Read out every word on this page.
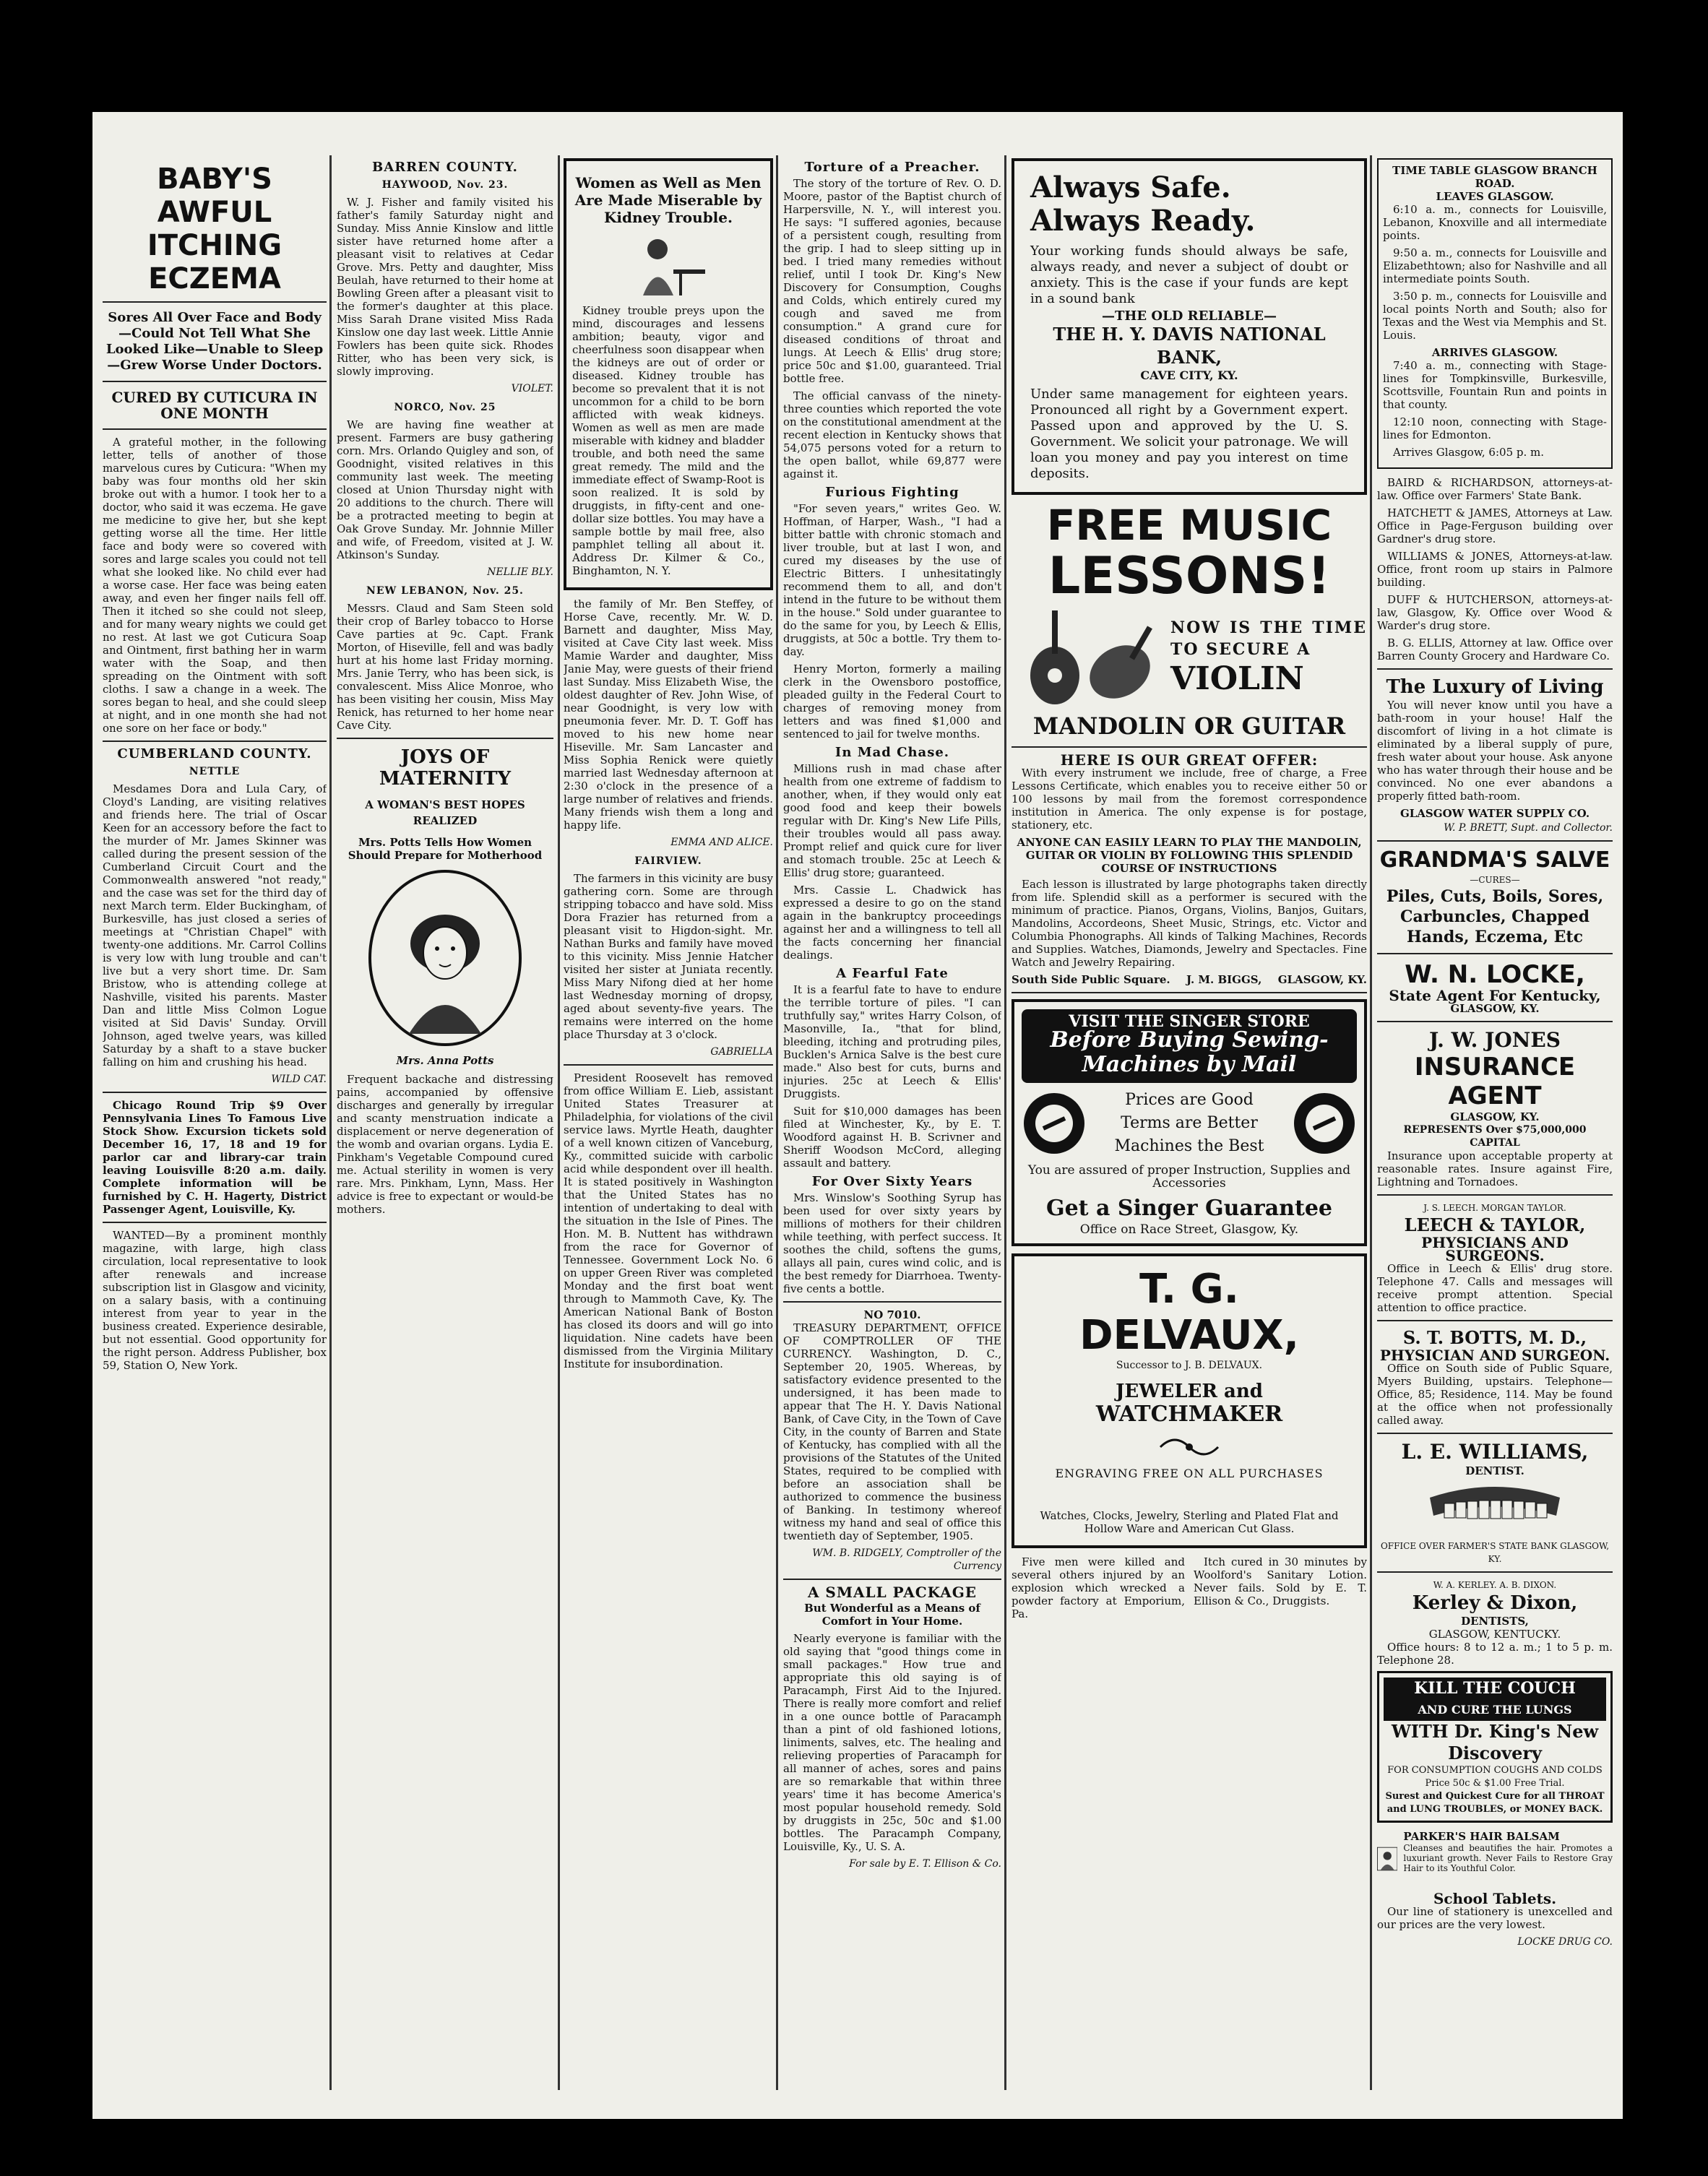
BABY'S AWFUL ITCHING ECZEMA
Sores All Over Face and Body—Could Not Tell What She Looked Like—Unable to Sleep—Grew Worse Under Doctors.
CURED BY CUTICURA IN ONE MONTH

A grateful mother, in the following letter, tells of another of those marvelous cures by Cuticura: "When my baby was four months old her skin broke out with a humor. I took her to a doctor, who said it was eczema. He gave me medicine to give her, but she kept getting worse all the time. Her little face and body were so covered with sores and large scales you could not tell what she looked like. No child ever had a worse case. Her face was being eaten away, and even her finger nails fell off. Then it itched so she could not sleep, and for many weary nights we could get no rest. At last we got Cuticura Soap and Ointment, first bathing her in warm water with the Soap, and then spreading on the Ointment with soft cloths. I saw a change in a week. The sores began to heal, and she could sleep at night, and in one month she had not one sore on her face or body."

CUMBERLAND COUNTY.
NETTLE

Mesdames Dora and Lula Cary, of Cloyd's Landing, are visiting relatives and friends here. The trial of Oscar Keen for an accessory before the fact to the murder of Mr. James Skinner was called during the present session of the Cumberland Circuit Court and the Commonwealth answered "not ready," and the case was set for the third day of next March term. Elder Buckingham, of Burkesville, has just closed a series of meetings at "Christian Chapel" with twenty-one additions. Mr. Carrol Collins is very low with lung trouble and can't live but a very short time. Dr. Sam Bristow, who is attending college at Nashville, visited his parents. Master Dan and little Miss Colmon Logue visited at Sid Davis' Sunday. Orvill Johnson, aged twelve years, was killed Saturday by a shaft to a stave bucker falling on him and crushing his head.

WILD CAT.

Chicago Round Trip $9 Over Pennsylvania Lines To Famous Live Stock Show. Excursion tickets sold December 16, 17, 18 and 19 for parlor car and library-car train leaving Louisville 8:20 a.m. daily. Complete information will be furnished by C. H. Hagerty, District Passenger Agent, Louisville, Ky.

WANTED—By a prominent monthly magazine, with large, high class circulation, local representative to look after renewals and increase subscription list in Glasgow and vicinity, on a salary basis, with a continuing interest from year to year in the business created. Experience desirable, but not essential. Good opportunity for the right person. Address Publisher, box 59, Station O, New York.

BARREN COUNTY.
HAYWOOD, Nov. 23.

W. J. Fisher and family visited his father's family Saturday night and Sunday. Miss Annie Kinslow and little sister have returned home after a pleasant visit to relatives at Cedar Grove. Mrs. Petty and daughter, Miss Beulah, have returned to their home at Bowling Green after a pleasant visit to the former's daughter at this place. Miss Sarah Drane visited Miss Rada Kinslow one day last week. Little Annie Fowlers has been quite sick. Rhodes Ritter, who has been very sick, is slowly improving.

VIOLET.
NORCO, Nov. 25

We are having fine weather at present. Farmers are busy gathering corn. Mrs. Orlando Quigley and son, of Goodnight, visited relatives in this community last week. The meeting closed at Union Thursday night with 20 additions to the church. There will be a protracted meeting to begin at Oak Grove Sunday. Mr. Johnnie Miller and wife, of Freedom, visited at J. W. Atkinson's Sunday.

NELLIE BLY.
NEW LEBANON, Nov. 25.

Messrs. Claud and Sam Steen sold their crop of Barley tobacco to Horse Cave parties at 9c. Capt. Frank Morton, of Hiseville, fell and was badly hurt at his home last Friday morning. Mrs. Janie Terry, who has been sick, is convalescent. Miss Alice Monroe, who has been visiting her cousin, Miss May Renick, has returned to her home near Cave City.

JOYS OF MATERNITY
A WOMAN'S BEST HOPES REALIZED
Mrs. Potts Tells How Women Should Prepare for Motherhood
Mrs. Anna Potts

Frequent backache and distressing pains, accompanied by offensive discharges and generally by irregular and scanty menstruation indicate a displacement or nerve degeneration of the womb and ovarian organs. Lydia E. Pinkham's Vegetable Compound cured me. Actual sterility in women is very rare. Mrs. Pinkham, Lynn, Mass. Her advice is free to expectant or would-be mothers.

Women as Well as Men Are Made Miserable by Kidney Trouble.

Kidney trouble preys upon the mind, discourages and lessens ambition; beauty, vigor and cheerfulness soon disappear when the kidneys are out of order or diseased. Kidney trouble has become so prevalent that it is not uncommon for a child to be born afflicted with weak kidneys. Women as well as men are made miserable with kidney and bladder trouble, and both need the same great remedy. The mild and the immediate effect of Swamp-Root is soon realized. It is sold by druggists, in fifty-cent and one-dollar size bottles. You may have a sample bottle by mail free, also pamphlet telling all about it. Address Dr. Kilmer & Co., Binghamton, N. Y.

the family of Mr. Ben Steffey, of Horse Cave, recently. Mr. W. D. Barnett and daughter, Miss May, visited at Cave City last week. Miss Mamie Warder and daughter, Miss Janie May, were guests of their friend last Sunday. Miss Elizabeth Wise, the oldest daughter of Rev. John Wise, of near Goodnight, is very low with pneumonia fever. Mr. D. T. Goff has moved to his new home near Hiseville. Mr. Sam Lancaster and Miss Sophia Renick were quietly married last Wednesday afternoon at 2:30 o'clock in the presence of a large number of relatives and friends. Many friends wish them a long and happy life.

EMMA AND ALICE.
FAIRVIEW.

The farmers in this vicinity are busy gathering corn. Some are through stripping tobacco and have sold. Miss Dora Frazier has returned from a pleasant visit to Higdon-sight. Mr. Nathan Burks and family have moved to this vicinity. Miss Jennie Hatcher visited her sister at Juniata recently. Miss Mary Nifong died at her home last Wednesday morning of dropsy, aged about seventy-five years. The remains were interred on the home place Thursday at 3 o'clock.

GABRIELLA

President Roosevelt has removed from office William E. Lieb, assistant United States Treasurer at Philadelphia, for violations of the civil service laws. Myrtle Heath, daughter of a well known citizen of Vanceburg, Ky., committed suicide with carbolic acid while despondent over ill health. It is stated positively in Washington that the United States has no intention of undertaking to deal with the situation in the Isle of Pines. The Hon. M. B. Nuttent has withdrawn from the race for Governor of Tennessee. Government Lock No. 6 on upper Green River was completed Monday and the first boat went through to Mammoth Cave, Ky. The American National Bank of Boston has closed its doors and will go into liquidation. Nine cadets have been dismissed from the Virginia Military Institute for insubordination.

Torture of a Preacher.

The story of the torture of Rev. O. D. Moore, pastor of the Baptist church of Harpersville, N. Y., will interest you. He says: "I suffered agonies, because of a persistent cough, resulting from the grip. I had to sleep sitting up in bed. I tried many remedies without relief, until I took Dr. King's New Discovery for Consumption, Coughs and Colds, which entirely cured my cough and saved me from consumption." A grand cure for diseased conditions of throat and lungs. At Leech & Ellis' drug store; price 50c and $1.00, guaranteed. Trial bottle free.

The official canvass of the ninety-three counties which reported the vote on the constitutional amendment at the recent election in Kentucky shows that 54,075 persons voted for a return to the open ballot, while 69,877 were against it.

Furious Fighting

"For seven years," writes Geo. W. Hoffman, of Harper, Wash., "I had a bitter battle with chronic stomach and liver trouble, but at last I won, and cured my diseases by the use of Electric Bitters. I unhesitatingly recommend them to all, and don't intend in the future to be without them in the house." Sold under guarantee to do the same for you, by Leech & Ellis, druggists, at 50c a bottle. Try them to-day.

Henry Morton, formerly a mailing clerk in the Owensboro postoffice, pleaded guilty in the Federal Court to charges of removing money from letters and was fined $1,000 and sentenced to jail for twelve months.

In Mad Chase.

Millions rush in mad chase after health from one extreme of faddism to another, when, if they would only eat good food and keep their bowels regular with Dr. King's New Life Pills, their troubles would all pass away. Prompt relief and quick cure for liver and stomach trouble. 25c at Leech & Ellis' drug store; guaranteed.

Mrs. Cassie L. Chadwick has expressed a desire to go on the stand again in the bankruptcy proceedings against her and a willingness to tell all the facts concerning her financial dealings.

A Fearful Fate

It is a fearful fate to have to endure the terrible torture of piles. "I can truthfully say," writes Harry Colson, of Masonville, Ia., "that for blind, bleeding, itching and protruding piles, Bucklen's Arnica Salve is the best cure made." Also best for cuts, burns and injuries. 25c at Leech & Ellis' Druggists.

Suit for $10,000 damages has been filed at Winchester, Ky., by E. T. Woodford against H. B. Scrivner and Sheriff Woodson McCord, alleging assault and battery.

For Over Sixty Years

Mrs. Winslow's Soothing Syrup has been used for over sixty years by millions of mothers for their children while teething, with perfect success. It soothes the child, softens the gums, allays all pain, cures wind colic, and is the best remedy for Diarrhoea. Twenty-five cents a bottle.

NO 7010.

TREASURY DEPARTMENT, OFFICE OF COMPTROLLER OF THE CURRENCY. Washington, D. C., September 20, 1905. Whereas, by satisfactory evidence presented to the undersigned, it has been made to appear that The H. Y. Davis National Bank, of Cave City, in the Town of Cave City, in the county of Barren and State of Kentucky, has complied with all the provisions of the Statutes of the United States, required to be complied with before an association shall be authorized to commence the business of Banking. In testimony whereof witness my hand and seal of office this twentieth day of September, 1905.

WM. B. RIDGELY, Comptroller of the Currency
A SMALL PACKAGE
But Wonderful as a Means of Comfort in Your Home.

Nearly everyone is familiar with the old saying that "good things come in small packages." How true and appropriate this old saying is of Paracamph, First Aid to the Injured. There is really more comfort and relief in a one ounce bottle of Paracamph than a pint of old fashioned lotions, liniments, salves, etc. The healing and relieving properties of Paracamph for all manner of aches, sores and pains are so remarkable that within three years' time it has become America's most popular household remedy. Sold by druggists in 25c, 50c and $1.00 bottles. The Paracamph Company, Louisville, Ky., U. S. A.

For sale by E. T. Ellison & Co.
Always Safe.
Always Ready.

Your working funds should always be safe, always ready, and never a subject of doubt or anxiety. This is the case if your funds are kept in a sound bank

—THE OLD RELIABLE—
THE H. Y. DAVIS NATIONAL BANK,
CAVE CITY, KY.

Under same management for eighteen years. Pronounced all right by a Government expert. Passed upon and approved by the U. S. Government. We solicit your patronage. We will loan you money and pay you interest on time deposits.

FREE MUSIC
LESSONS!
NOW IS THE TIME TO SECURE A
VIOLIN
MANDOLIN OR GUITAR
HERE IS OUR GREAT OFFER:

With every instrument we include, free of charge, a Free Lessons Certificate, which enables you to receive either 50 or 100 lessons by mail from the foremost correspondence institution in America. The only expense is for postage, stationery, etc.

ANYONE CAN EASILY LEARN TO PLAY THE MANDOLIN, GUITAR OR VIOLIN BY FOLLOWING THIS SPLENDID COURSE OF INSTRUCTIONS

Each lesson is illustrated by large photographs taken directly from life. Splendid skill as a performer is secured with the minimum of practice. Pianos, Organs, Violins, Banjos, Guitars, Mandolins, Accordeons, Sheet Music, Strings, etc. Victor and Columbia Phonographs. All kinds of Talking Machines, Records and Supplies. Watches, Diamonds, Jewelry and Spectacles. Fine Watch and Jewelry Repairing.

South Side Public Square. J. M. BIGGS, GLASGOW, KY.
VISIT THE SINGER STORE
Before Buying Sewing-Machines by Mail
Prices are Good
Terms are Better
Machines the Best
You are assured of proper Instruction, Supplies and Accessories
Get a Singer Guarantee
Office on Race Street, Glasgow, Ky.
T. G. DELVAUX,
Successor to J. B. DELVAUX.
JEWELER and
WATCHMAKER
ENGRAVING FREE ON ALL PURCHASES
Watches, Clocks, Jewelry, Sterling and Plated Flat and Hollow Ware and American Cut Glass.

Five men were killed and several others injured by an explosion which wrecked a powder factory at Emporium, Pa.

Itch cured in 30 minutes by Woolford's Sanitary Lotion. Never fails. Sold by E. T. Ellison & Co., Druggists.

TIME TABLE GLASGOW BRANCH ROAD.
LEAVES GLASGOW.

6:10 a. m., connects for Louisville, Lebanon, Knoxville and all intermediate points.

9:50 a. m., connects for Louisville and Elizabethtown; also for Nashville and all intermediate points South.

3:50 p. m., connects for Louisville and local points North and South; also for Texas and the West via Memphis and St. Louis.

ARRIVES GLASGOW.

7:40 a. m., connecting with Stage-lines for Tompkinsville, Burkesville, Scottsville, Fountain Run and points in that county.

12:10 noon, connecting with Stage-lines for Edmonton.

Arrives Glasgow, 6:05 p. m.

BAIRD & RICHARDSON, attorneys-at-law. Office over Farmers' State Bank.

HATCHETT & JAMES, Attorneys at Law. Office in Page-Ferguson building over Gardner's drug store.

WILLIAMS & JONES, Attorneys-at-law. Office, front room up stairs in Palmore building.

DUFF & HUTCHERSON, attorneys-at-law, Glasgow, Ky. Office over Wood & Warder's drug store.

B. G. ELLIS, Attorney at law. Office over Barren County Grocery and Hardware Co.

The Luxury of Living

You will never know until you have a bath-room in your house! Half the discomfort of living in a hot climate is eliminated by a liberal supply of pure, fresh water about your house. Ask anyone who has water through their house and be convinced. No one ever abandons a properly fitted bath-room.

GLASGOW WATER SUPPLY CO.
W. P. BRETT, Supt. and Collector.
GRANDMA'S SALVE
—CURES—
Piles, Cuts, Boils, Sores, Carbuncles, Chapped Hands, Eczema, Etc
W. N. LOCKE,
State Agent For Kentucky,
GLASGOW, KY.
J. W. JONES
INSURANCE AGENT
GLASGOW, KY.
REPRESENTS Over $75,000,000 CAPITAL

Insurance upon acceptable property at reasonable rates. Insure against Fire, Lightning and Tornadoes.

J. S. LEECH. MORGAN TAYLOR.
LEECH & TAYLOR,
PHYSICIANS AND SURGEONS.

Office in Leech & Ellis' drug store. Telephone 47. Calls and messages will receive prompt attention. Special attention to office practice.

S. T. BOTTS, M. D.,
PHYSICIAN AND SURGEON.

Office on South side of Public Square, Myers Building, upstairs. Telephone—Office, 85; Residence, 114. May be found at the office when not professionally called away.

L. E. WILLIAMS,
DENTIST.
OFFICE OVER FARMER'S STATE BANK GLASGOW, KY.
W. A. KERLEY. A. B. DIXON.
Kerley & Dixon,
DENTISTS,
GLASGOW, KENTUCKY.

Office hours: 8 to 12 a. m.; 1 to 5 p. m. Telephone 28.

KILL THE COUCH
AND CURE THE LUNGS
WITH Dr. King's New Discovery
FOR CONSUMPTION COUGHS AND COLDS Price 50c & $1.00 Free Trial.
Surest and Quickest Cure for all THROAT and LUNG TROUBLES, or MONEY BACK.
PARKER'S HAIR BALSAM
Cleanses and beautifies the hair. Promotes a luxuriant growth. Never Fails to Restore Gray Hair to its Youthful Color.
School Tablets.

Our line of stationery is unexcelled and our prices are the very lowest.

LOCKE DRUG CO.
